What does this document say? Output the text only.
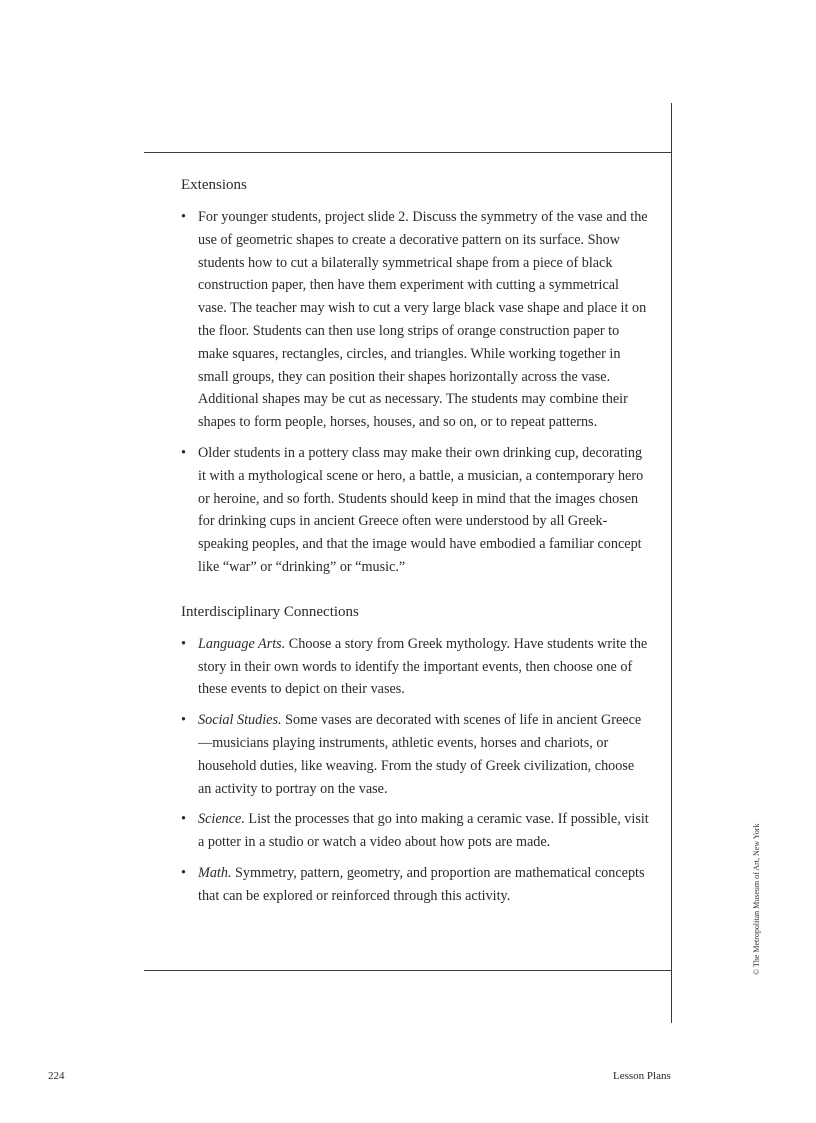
Extensions
• For younger students, project slide 2. Discuss the symmetry of the vase and the use of geometric shapes to create a decorative pattern on its surface. Show students how to cut a bilaterally symmetrical shape from a piece of black construction paper, then have them experiment with cutting a symmetrical vase. The teacher may wish to cut a very large black vase shape and place it on the floor. Students can then use long strips of orange construction paper to make squares, rectangles, circles, and triangles. While working together in small groups, they can position their shapes horizontally across the vase. Additional shapes may be cut as necessary. The students may combine their shapes to form people, horses, houses, and so on, or to repeat patterns.
• Older students in a pottery class may make their own drinking cup, decorating it with a mythological scene or hero, a battle, a musician, a contemporary hero or heroine, and so forth. Students should keep in mind that the images chosen for drinking cups in ancient Greece often were understood by all Greek-speaking peoples, and that the image would have embodied a familiar concept like “war” or “drinking” or “music.”
Interdisciplinary Connections
• Language Arts. Choose a story from Greek mythology. Have students write the story in their own words to identify the important events, then choose one of these events to depict on their vases.
• Social Studies. Some vases are decorated with scenes of life in ancient Greece—musicians playing instruments, athletic events, horses and chariots, or household duties, like weaving. From the study of Greek civilization, choose an activity to portray on the vase.
• Science. List the processes that go into making a ceramic vase. If possible, visit a potter in a studio or watch a video about how pots are made.
• Math. Symmetry, pattern, geometry, and proportion are mathematical concepts that can be explored or reinforced through this activity.	© The Metropolitan Museum of Art, New York
224	Lesson Plans
